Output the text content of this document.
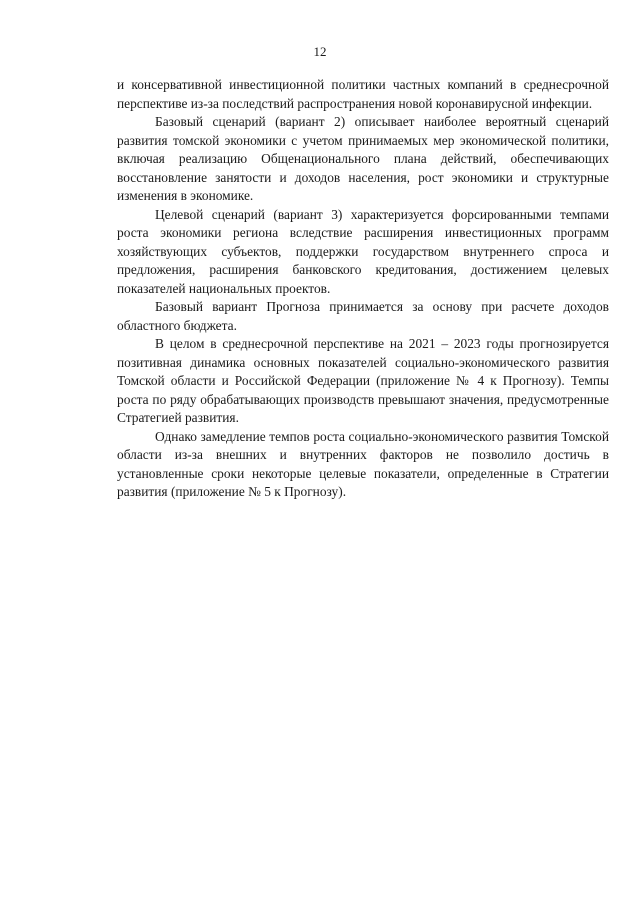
12

и консервативной инвестиционной политики частных компаний в среднесрочной перспективе из-за последствий распространения новой коронавирусной инфекции.

Базовый сценарий (вариант 2) описывает наиболее вероятный сценарий развития томской экономики с учетом принимаемых мер экономической политики, включая реализацию Общенационального плана действий, обеспечивающих восстановление занятости и доходов населения, рост экономики и структурные изменения в экономике.

Целевой сценарий (вариант 3) характеризуется форсированными темпами роста экономики региона вследствие расширения инвестиционных программ хозяйствующих субъектов, поддержки государством внутреннего спроса и предложения, расширения банковского кредитования, достижением целевых показателей национальных проектов.

Базовый вариант Прогноза принимается за основу при расчете доходов областного бюджета.

В целом в среднесрочной перспективе на 2021 – 2023 годы прогнозируется позитивная динамика основных показателей социально-экономического развития Томской области и Российской Федерации (приложение № 4 к Прогнозу). Темпы роста по ряду обрабатывающих производств превышают значения, предусмотренные Стратегией развития.

Однако замедление темпов роста социально-экономического развития Томской области из-за внешних и внутренних факторов не позволило достичь в установленные сроки некоторые целевые показатели, определенные в Стратегии развития (приложение № 5 к Прогнозу).
